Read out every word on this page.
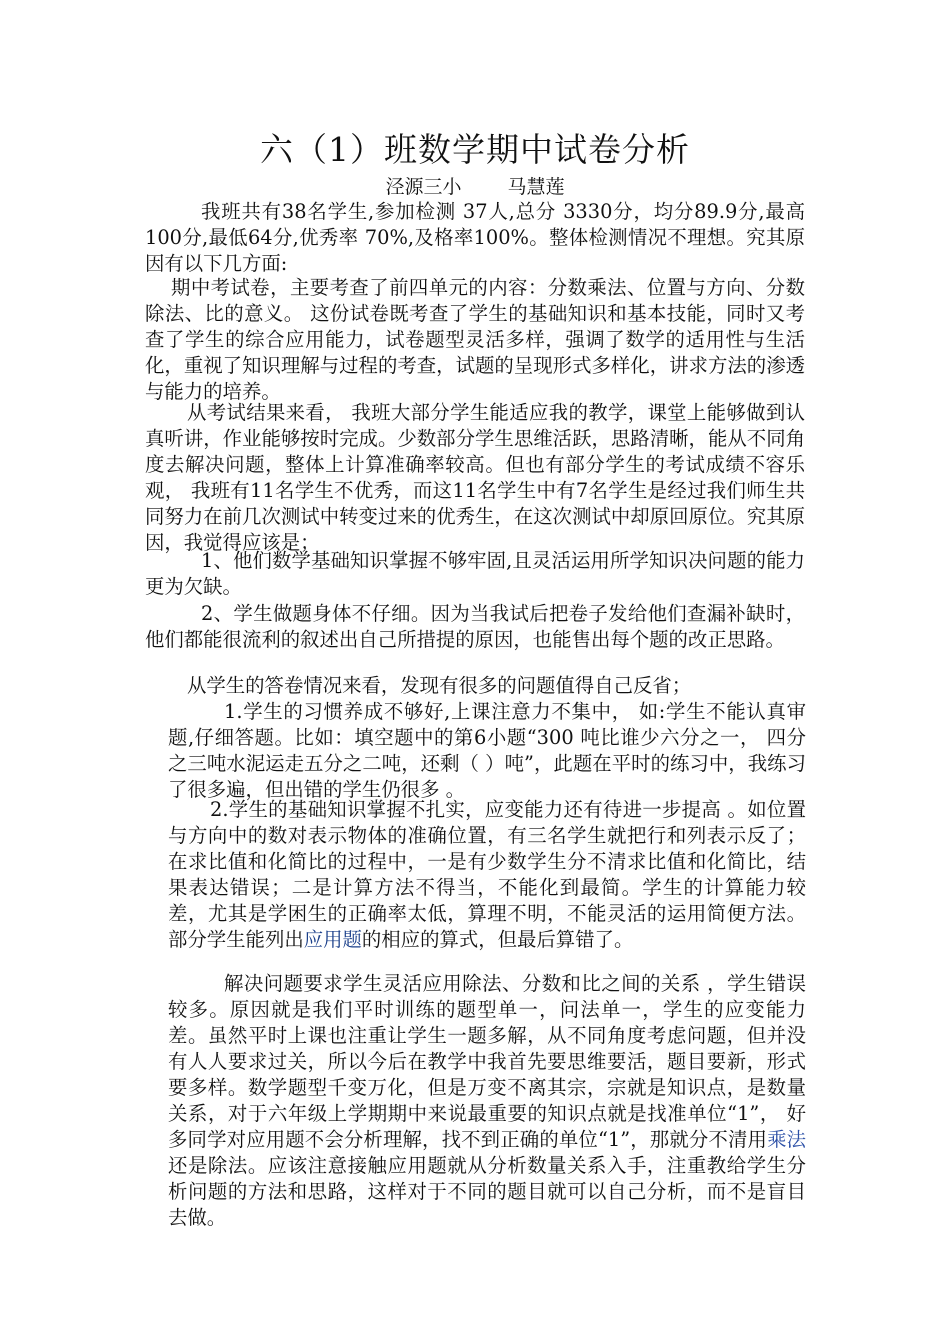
六（1）班数学期中试卷分析
泾源三小 马慧莲

我班共有38名学生,参加检测 37人,总分 3330分，均分89.9分,最高100分,最低64分,优秀率 70%,及格率100%。整体检测情况不理想。究其原因有以下几方面:

期中考试卷，主要考查了前四单元的内容：分数乘法、位置与方向、分数除法、比的意义。 这份试卷既考查了学生的基础知识和基本技能，同时又考查了学生的综合应用能力，试卷题型灵活多样，强调了数学的适用性与生活化，重视了知识理解与过程的考查，试题的呈现形式多样化，讲求方法的渗透与能力的培养。

从考试结果来看， 我班大部分学生能适应我的教学，课堂上能够做到认真听讲，作业能够按时完成。少数部分学生思维活跃，思路清晰，能从不同角度去解决问题，整体上计算准确率较高。但也有部分学生的考试成绩不容乐观， 我班有11名学生不优秀，而这11名学生中有7名学生是经过我们师生共同努力在前几次测试中转变过来的优秀生，在这次测试中却原回原位。究其原因，我觉得应该是；

1、他们数学基础知识掌握不够牢固,且灵活运用所学知识决问题的能力更为欠缺。

2、学生做题身体不仔细。因为当我试后把卷子发给他们查漏补缺时，他们都能很流利的叙述出自己所措提的原因，也能售出每个题的改正思路。

从学生的答卷情况来看，发现有很多的问题值得自己反省；

1.学生的习惯养成不够好,上课注意力不集中， 如:学生不能认真审题,仔细答题。比如：填空题中的第6小题“300 吨比谁少六分之一， 四分之三吨水泥运走五分之二吨，还剩（ ）吨”，此题在平时的练习中，我练习了很多遍，但出错的学生仍很多 。

2.学生的基础知识掌握不扎实，应变能力还有待进一步提高 。如位置与方向中的数对表示物体的准确位置，有三名学生就把行和列表示反了；在求比值和化简比的过程中，一是有少数学生分不清求比值和化简比，结果表达错误；二是计算方法不得当，不能化到最简。学生的计算能力较差，尤其是学困生的正确率太低，算理不明，不能灵活的运用简便方法。部分学生能列出应用题的相应的算式，但最后算错了。

解决问题要求学生灵活应用除法、分数和比之间的关系 ，学生错误较多。原因就是我们平时训练的题型单一，问法单一，学生的应变能力差。虽然平时上课也注重让学生一题多解，从不同角度考虑问题，但并没有人人要求过关，所以今后在教学中我首先要思维要活，题目要新，形式要多样。数学题型千变万化，但是万变不离其宗，宗就是知识点，是数量关系，对于六年级上学期期中来说最重要的知识点就是找准单位“1”， 好多同学对应用题不会分析理解，找不到正确的单位“1”，那就分不清用乘法还是除法。应该注意接触应用题就从分析数量关系入手，注重教给学生分析问题的方法和思路，这样对于不同的题目就可以自己分析，而不是盲目去做。
